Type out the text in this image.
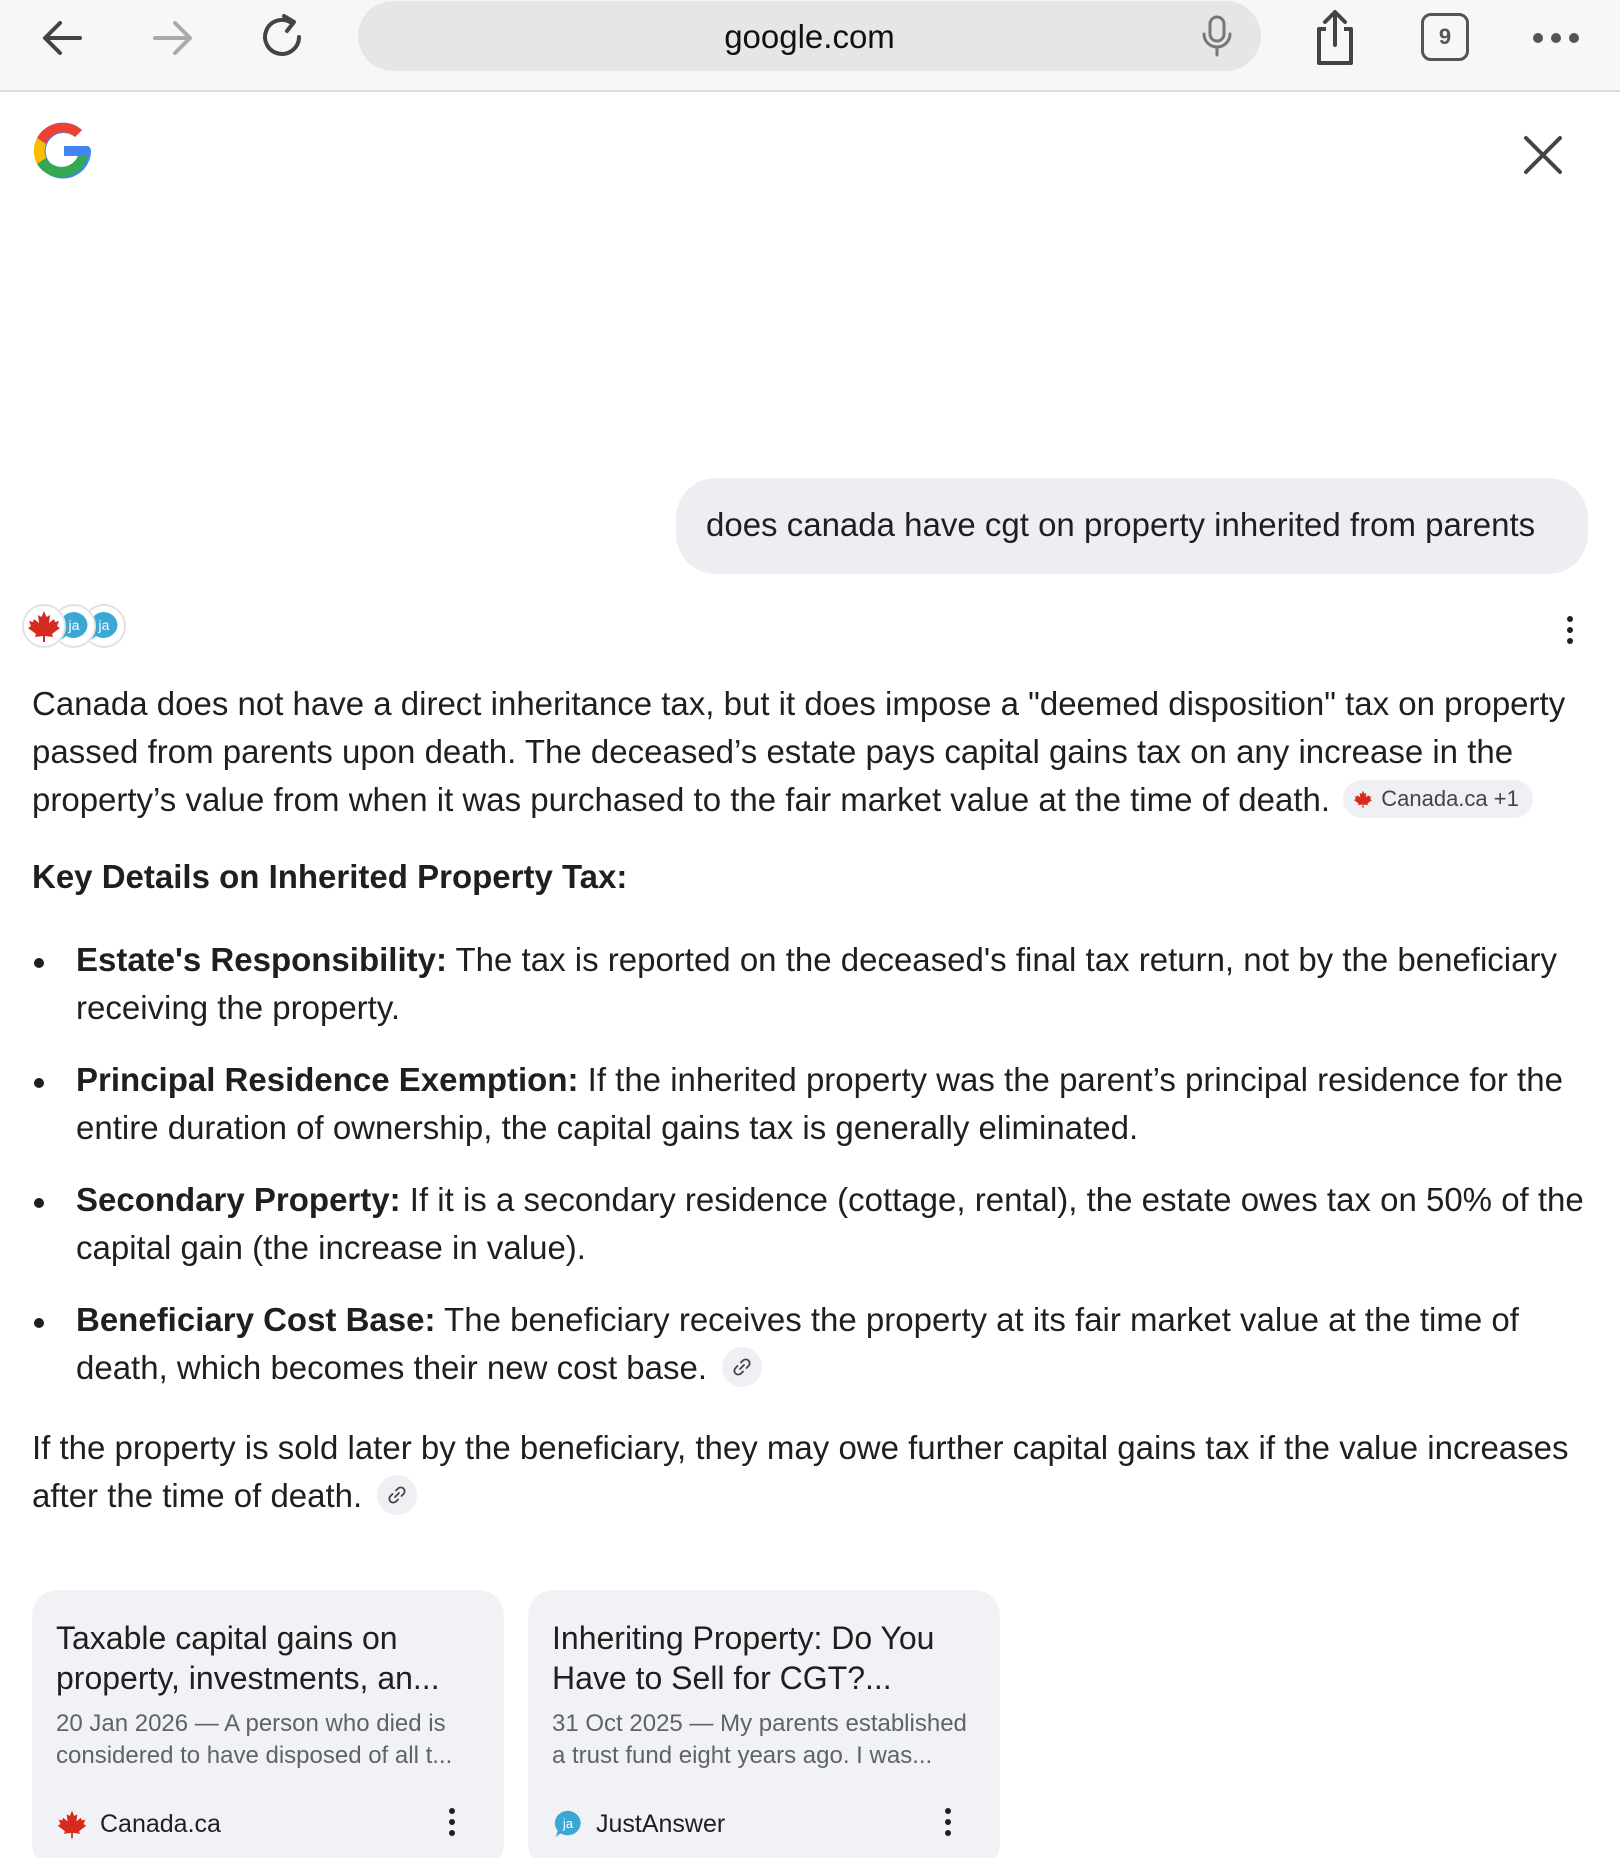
google.com	9
does canada have cgt on property inherited from parents
ja ja

Canada does not have a direct inheritance tax, but it does impose a "deemed disposition" tax on property passed from parents upon death. The deceased’s estate pays capital gains tax on any increase in the property’s value from when it was purchased to the fair market value at the time of death. Canada.ca +1

Key Details on Inherited Property Tax:
Estate's Responsibility: The tax is reported on the deceased's final tax return, not by the beneficiary receiving the property.
Principal Residence Exemption: If the inherited property was the parent’s principal residence for the entire duration of ownership, the capital gains tax is generally eliminated.
Secondary Property: If it is a secondary residence (cottage, rental), the estate owes tax on 50% of the capital gain (the increase in value).
Beneficiary Cost Base: The beneficiary receives the property at its fair market value at the time of death, which becomes their new cost base.
If the property is sold later by the beneficiary, they may owe further capital gains tax if the value increases after the time of death.
Taxable capital gains on property, investments, an...
20 Jan 2026 — A person who died is considered to have disposed of all t...
Canada.ca
Inheriting Property: Do You Have to Sell for CGT?...
31 Oct 2025 — My parents established a trust fund eight years ago. I was...
ja JustAnswer
